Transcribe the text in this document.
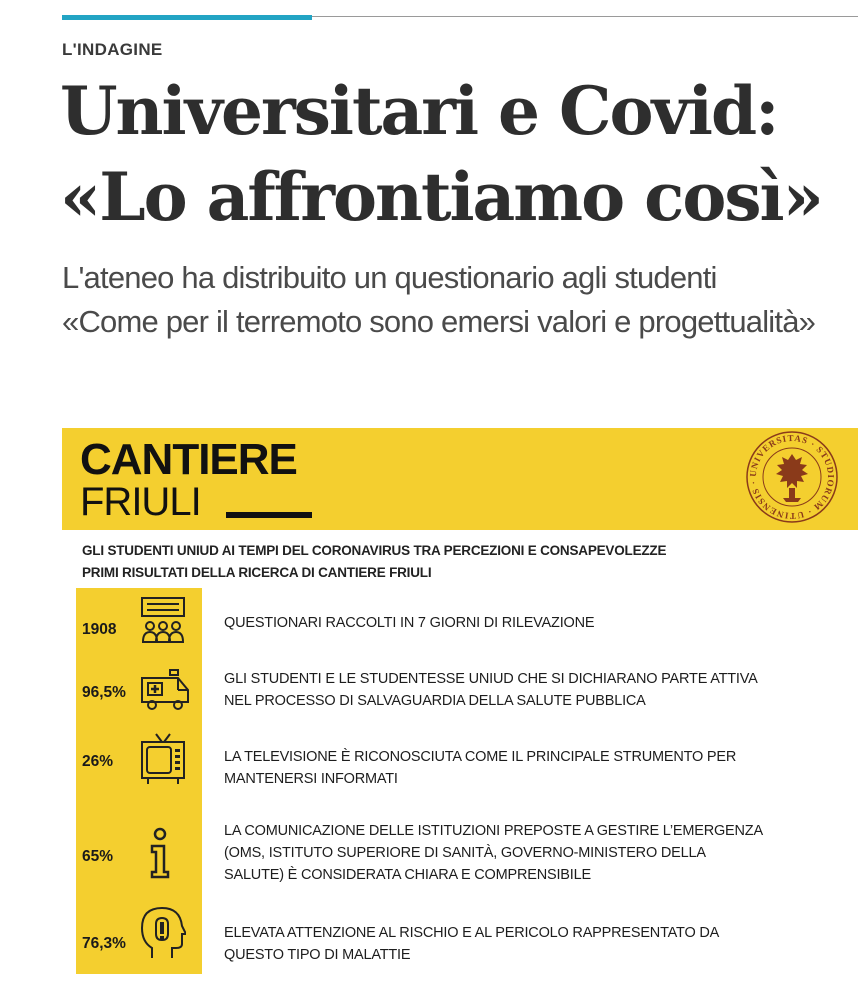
L'INDAGINE
Universitari e Covid:
«Lo affrontiamo così»
L'ateneo ha distribuito un questionario agli studenti
«Come per il terremoto sono emersi valori e progettualità»
CANTIERE
FRIULI
UNIVERSITAS · STUDIORUM · UTINENSIS ·
GLI STUDENTI UNIUD AI TEMPI DEL CORONAVIRUS TRA PERCEZIONI E CONSAPEVOLEZZE
PRIMI RISULTATI DELLA RICERCA DI CANTIERE FRIULI
1908	QUESTIONARI RACCOLTI IN 7 GIORNI DI RILEVAZIONE
96,5%
GLI STUDENTI E LE STUDENTESSE UNIUD CHE SI DICHIARANO PARTE ATTIVA
NEL PROCESSO DI SALVAGUARDIA DELLA SALUTE PUBBLICA
26%	LA TELEVISIONE È RICONOSCIUTA COME IL PRINCIPALE STRUMENTO PER
MANTENERSI INFORMATI
65%
LA COMUNICAZIONE DELLE ISTITUZIONI PREPOSTE A GESTIRE L’EMERGENZA
(OMS, ISTITUTO SUPERIORE DI SANITÀ, GOVERNO-MINISTERO DELLA
SALUTE) È CONSIDERATA CHIARA E COMPRENSIBILE
76,3%
ELEVATA ATTENZIONE AL RISCHIO E AL PERICOLO RAPPRESENTATO DA
QUESTO TIPO DI MALATTIE
